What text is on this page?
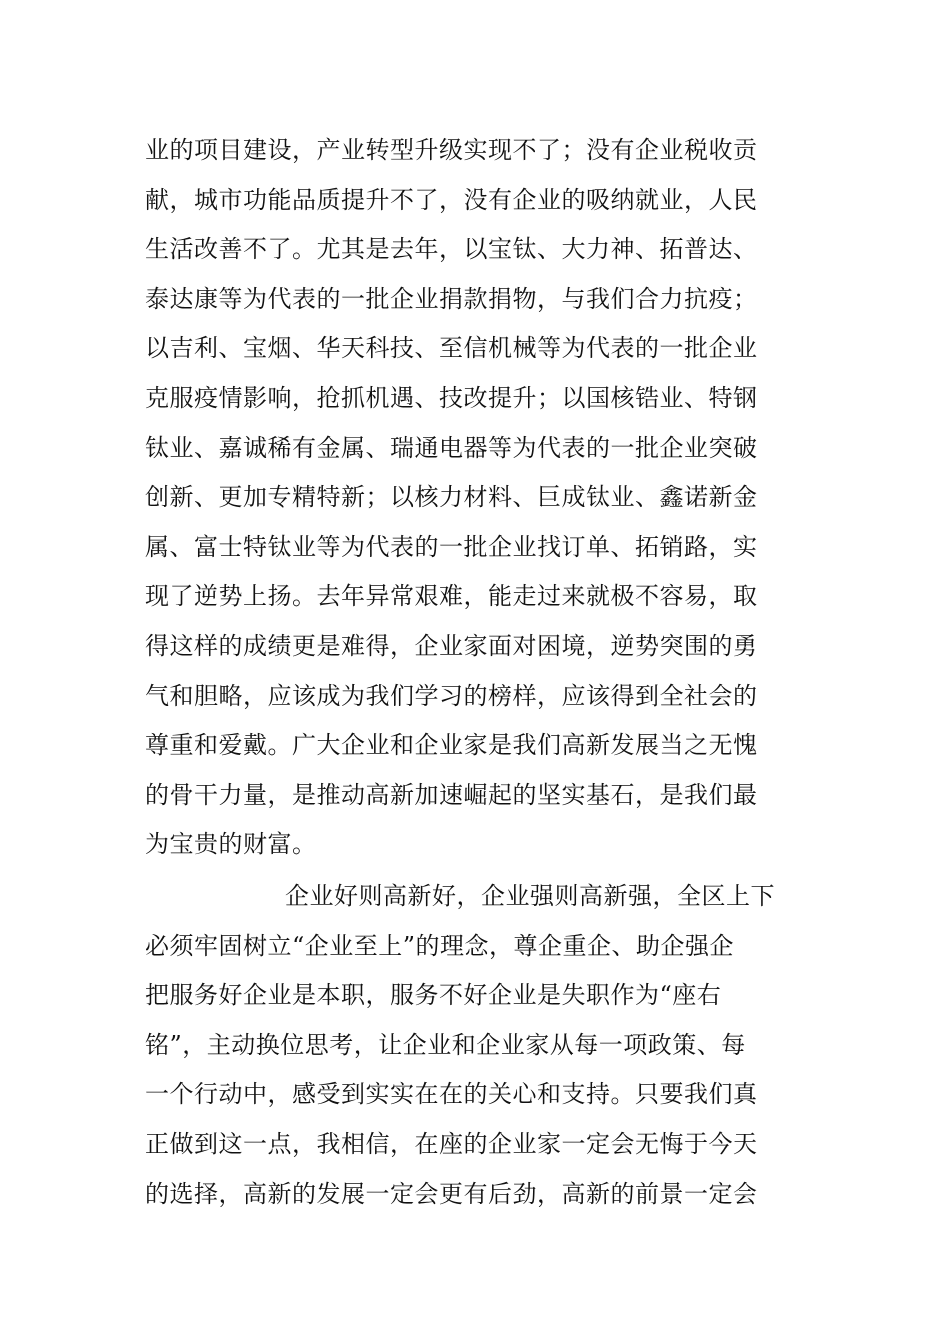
业的项目建设，产业转型升级实现不了；没有企业税收贡
献，城市功能品质提升不了，没有企业的吸纳就业，人民
生活改善不了。尤其是去年，以宝钛、大力神、拓普达、
泰达康等为代表的一批企业捐款捐物，与我们合力抗疫；
以吉利、宝烟、华天科技、至信机械等为代表的一批企业
克服疫情影响，抢抓机遇、技改提升；以国核锆业、特钢
钛业、嘉诚稀有金属、瑞通电器等为代表的一批企业突破
创新、更加专精特新；以核力材料、巨成钛业、鑫诺新金
属、富士特钛业等为代表的一批企业找订单、拓销路，实
现了逆势上扬。去年异常艰难，能走过来就极不容易，取
得这样的成绩更是难得，企业家面对困境，逆势突围的勇
气和胆略，应该成为我们学习的榜样，应该得到全社会的
尊重和爱戴。广大企业和企业家是我们高新发展当之无愧
的骨干力量，是推动高新加速崛起的坚实基石，是我们最
为宝贵的财富。
企业好则高新好，企业强则高新强，全区上下
必须牢固树立“企业至上”的理念，尊企重企、助企强企
把服务好企业是本职，服务不好企业是失职作为“座右
铭”，主动换位思考，让企业和企业家从每一项政策、每
一个行动中，感受到实实在在的关心和支持。只要我们真
正做到这一点，我相信，在座的企业家一定会无悔于今天
的选择，高新的发展一定会更有后劲，高新的前景一定会
